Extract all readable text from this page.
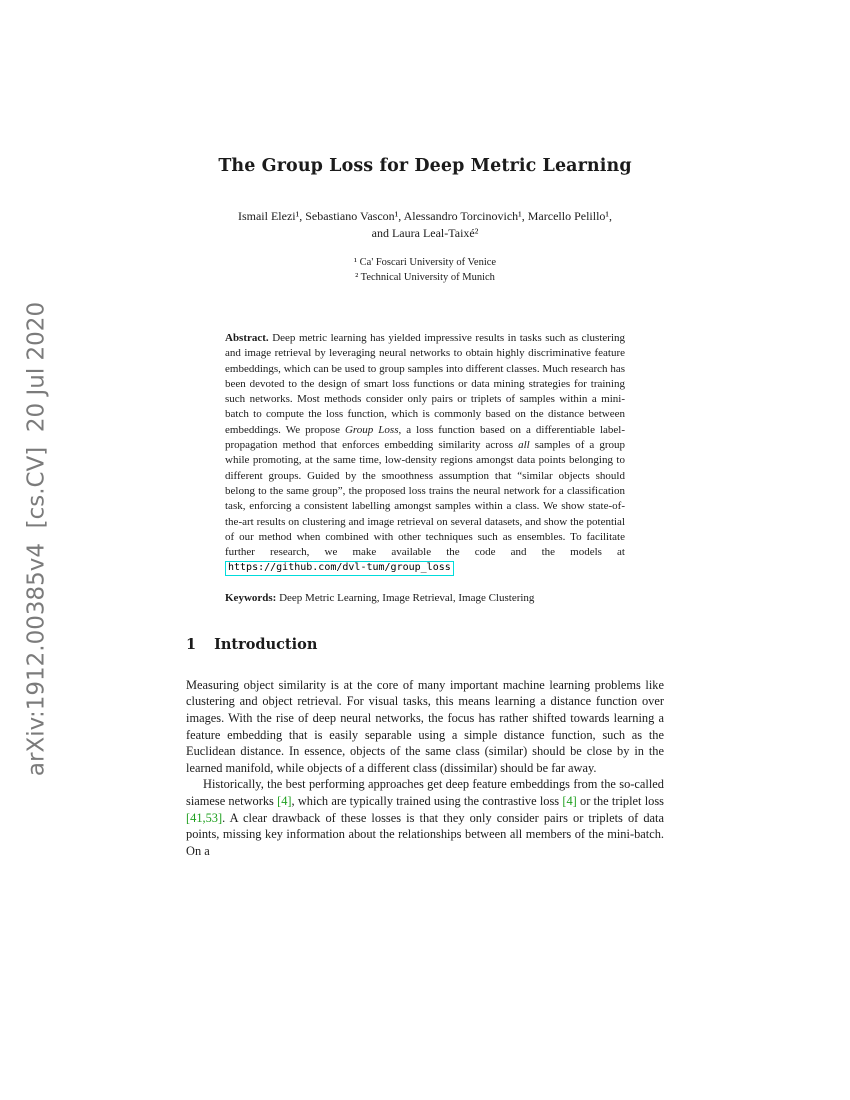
arXiv:1912.00385v4  [cs.CV]  20 Jul 2020
The Group Loss for Deep Metric Learning
Ismail Elezi¹, Sebastiano Vascon¹, Alessandro Torcinovich¹, Marcello Pelillo¹,
and Laura Leal-Taixé²
¹ Ca' Foscari University of Venice
² Technical University of Munich
Abstract. Deep metric learning has yielded impressive results in tasks such as clustering and image retrieval by leveraging neural networks to obtain highly discriminative feature embeddings, which can be used to group samples into different classes. Much research has been devoted to the design of smart loss functions or data mining strategies for training such networks. Most methods consider only pairs or triplets of samples within a mini-batch to compute the loss function, which is commonly based on the distance between embeddings. We propose Group Loss, a loss function based on a differentiable label-propagation method that enforces embedding similarity across all samples of a group while promoting, at the same time, low-density regions amongst data points belonging to different groups. Guided by the smoothness assumption that “similar objects should belong to the same group”, the proposed loss trains the neural network for a classification task, enforcing a consistent labelling amongst samples within a class. We show state-of-the-art results on clustering and image retrieval on several datasets, and show the potential of our method when combined with other techniques such as ensembles. To facilitate further research, we make available the code and the models at https://github.com/dvl-tum/group_loss
Keywords: Deep Metric Learning, Image Retrieval, Image Clustering
1 Introduction

Measuring object similarity is at the core of many important machine learning problems like clustering and object retrieval. For visual tasks, this means learning a distance function over images. With the rise of deep neural networks, the focus has rather shifted towards learning a feature embedding that is easily separable using a simple distance function, such as the Euclidean distance. In essence, objects of the same class (similar) should be close by in the learned manifold, while objects of a different class (dissimilar) should be far away.

Historically, the best performing approaches get deep feature embeddings from the so-called siamese networks [4], which are typically trained using the contrastive loss [4] or the triplet loss [41,53]. A clear drawback of these losses is that they only consider pairs or triplets of data points, missing key information about the relationships between all members of the mini-batch. On a
